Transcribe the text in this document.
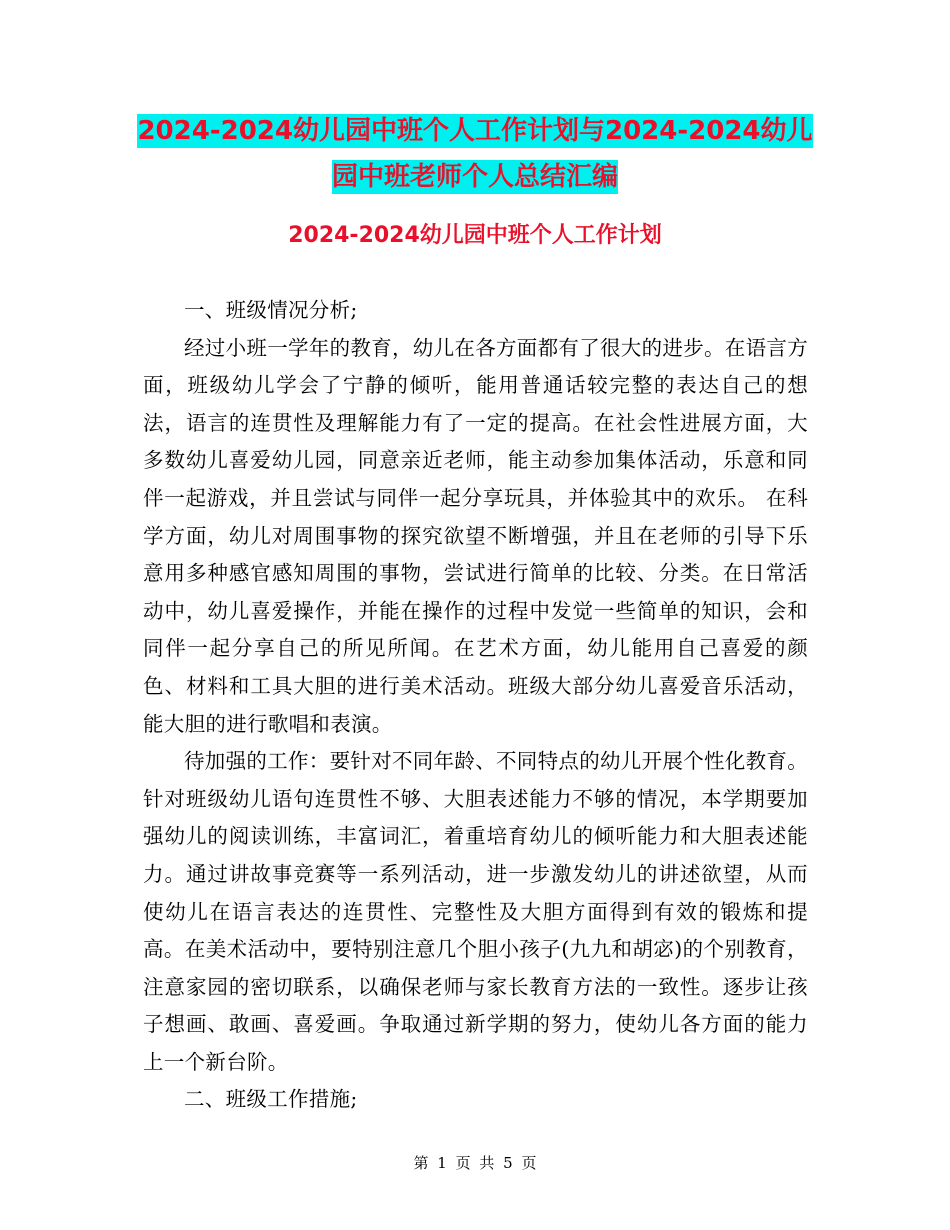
2024-2024幼儿园中班个人工作计划与2024-2024幼儿
园中班老师个人总结汇编
2024-2024幼儿园中班个人工作计划

一、班级情况分析;

经过小班一学年的教育，幼儿在各方面都有了很大的进步。在语言方面，班级幼儿学会了宁静的倾听，能用普通话较完整的表达自己的想法，语言的连贯性及理解能力有了一定的提高。在社会性进展方面，大多数幼儿喜爱幼儿园，同意亲近老师，能主动参加集体活动，乐意和同伴一起游戏，并且尝试与同伴一起分享玩具，并体验其中的欢乐。 在科学方面，幼儿对周围事物的探究欲望不断增强，并且在老师的引导下乐意用多种感官感知周围的事物，尝试进行简单的比较、分类。在日常活动中，幼儿喜爱操作，并能在操作的过程中发觉一些简单的知识，会和同伴一起分享自己的所见所闻。在艺术方面，幼儿能用自己喜爱的颜色、材料和工具大胆的进行美术活动。班级大部分幼儿喜爱音乐活动，能大胆的进行歌唱和表演。

待加强的工作：要针对不同年龄、不同特点的幼儿开展个性化教育。针对班级幼儿语句连贯性不够、大胆表述能力不够的情况，本学期要加强幼儿的阅读训练，丰富词汇，着重培育幼儿的倾听能力和大胆表述能力。通过讲故事竞赛等一系列活动，进一步激发幼儿的讲述欲望，从而使幼儿在语言表达的连贯性、完整性及大胆方面得到有效的锻炼和提高。在美术活动中，要特别注意几个胆小孩子(九九和胡宓)的个别教育，注意家园的密切联系，以确保老师与家长教育方法的一致性。逐步让孩子想画、敢画、喜爱画。争取通过新学期的努力，使幼儿各方面的能力上一个新台阶。

二、班级工作措施;

第 1 页 共 5 页
